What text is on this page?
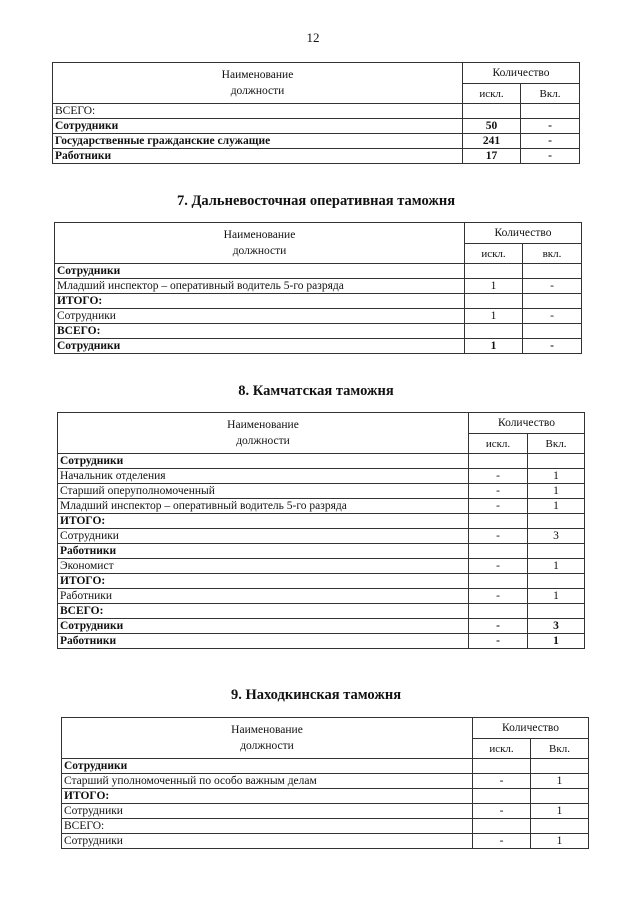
12
Наименование
должности	Количество	
	искл.	Вкл.
ВСЕГО:		
Сотрудники	50	-
Государственные гражданские служащие	241	-
Работники	17	-
7. Дальневосточная оперативная таможня
Наименование
должности	Количество	
	искл.	вкл.
Сотрудники		
Младший инспектор – оперативный водитель 5-го разряда	1	-
ИТОГО:		
Сотрудники	1	-
ВСЕГО:		
Сотрудники	1	-
8. Камчатская таможня
Наименование
должности	Количество	
	искл.	Вкл.
Сотрудники		
Начальник отделения	-	1
Старший оперуполномоченный	-	1
Младший инспектор – оперативный водитель 5-го разряда	-	1
ИТОГО:		
Сотрудники	-	3
Работники		
Экономист	-	1
ИТОГО:		
Работники	-	1
ВСЕГО:		
Сотрудники	-	3
Работники	-	1
9. Находкинская таможня
Наименование
должности	Количество	
	искл.	Вкл.
Сотрудники		
Старший уполномоченный по особо важным делам	-	1
ИТОГО:		
Сотрудники	-	1
ВСЕГО:		
Сотрудники	-	1
